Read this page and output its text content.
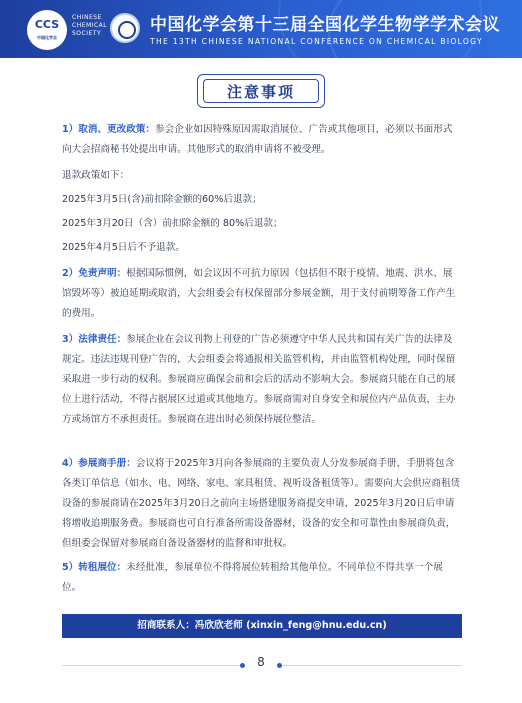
CCS
中国化学会
CHINESE
CHEMICAL
SOCIETY	中国化学会第十三届全国化学生物学学术会议
THE 13TH CHINESE NATIONAL CONFERENCE ON CHEMICAL BIOLOGY
注意事项
1）取消、更改政策：参会企业如因特殊原因需取消展位、广告或其他项目，必须以书面形式向大会招商秘书处提出申请。其他形式的取消申请将不被受理。
退款政策如下：
2025年3月5日(含)前扣除金额的60%后退款；
2025年3月20日（含）前扣除金额的 80%后退款；
2025年4月5日后不予退款。
2）免责声明：根据国际惯例，如会议因不可抗力原因（包括但不限于疫情、地震、洪水、展馆毁坏等）被迫延期或取消，大会组委会有权保留部分参展金额，用于支付前期筹备工作产生的费用。
3）法律责任：参展企业在会议刊物上刊登的广告必须遵守中华人民共和国有关广告的法律及规定。违法违规刊登广告的，大会组委会将通报相关监管机构，并由监管机构处理，同时保留采取进一步行动的权利。参展商应确保会前和会后的活动不影响大会。参展商只能在自己的展位上进行活动，不得占据展区过道或其他地方。参展商需对自身安全和展位内产品负责，主办方或场馆方不承担责任。参展商在进出时必须保持展位整洁。
4）参展商手册：会议将于2025年3月向各参展商的主要负责人分发参展商手册，手册将包含各类订单信息（如水、电、网络、家电、家具租赁、视听设备租赁等）。需要向大会供应商租赁设备的参展商请在2025年3月20日之前向主场搭建服务商提交申请，2025年3月20日后申请将增收追期服务费。参展商也可自行准备所需设备器材，设备的安全和可靠性由参展商负责，但组委会保留对参展商自备设备器材的监督和审批权。
5）转租展位：未经批准，参展单位不得将展位转租给其他单位。不同单位不得共享一个展位。
招商联系人：冯欣欣老师 (xinxin_feng@hnu.edu.cn)
8
